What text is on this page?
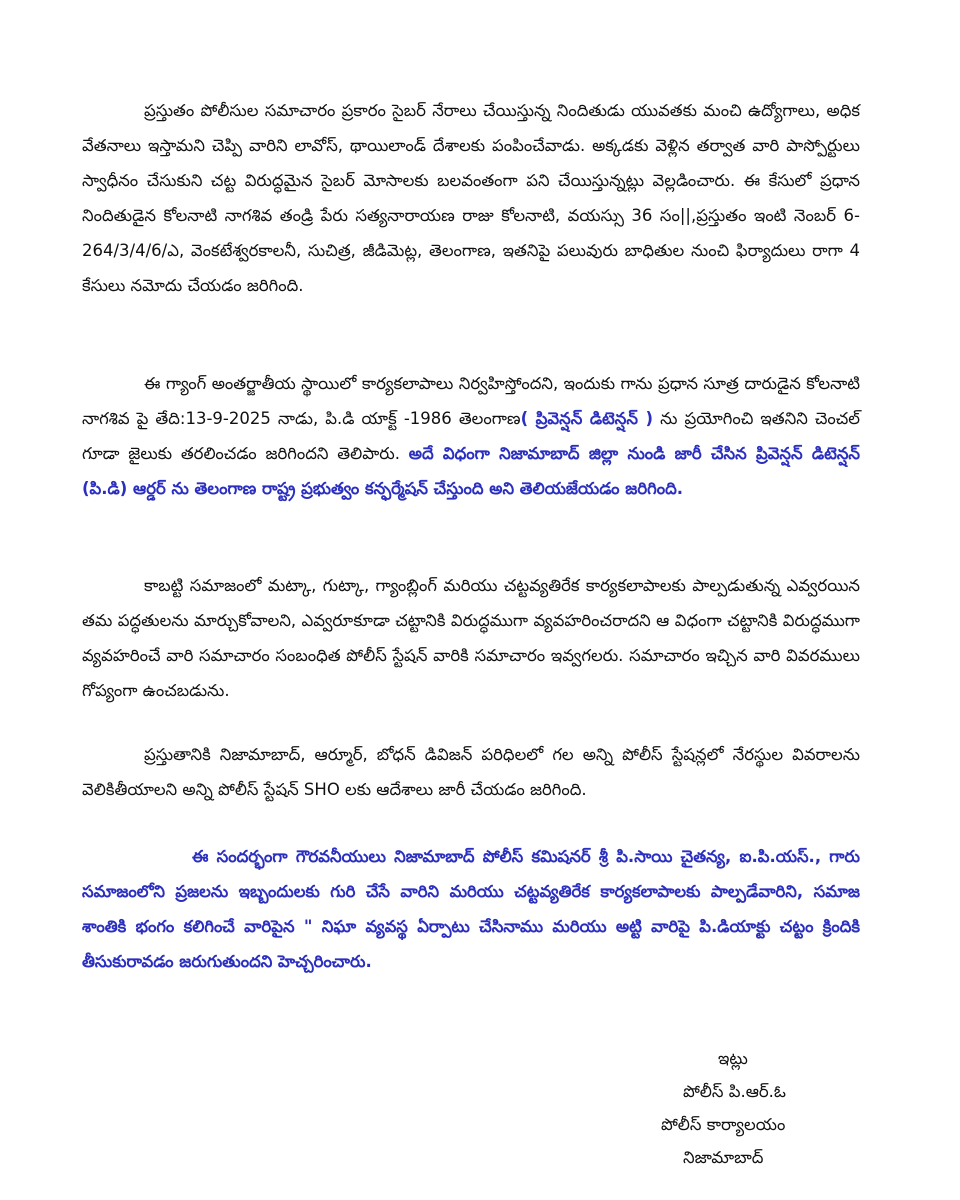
ప్రస్తుతం పోలీసుల సమాచారం ప్రకారం సైబర్ నేరాలు చేయిస్తున్న నిందితుడు యువతకు మంచి ఉద్యోగాలు, అధిక వేతనాలు ఇస్తామని చెప్పి వారిని లావోస్, థాయిలాండ్ దేశాలకు పంపించేవాడు. అక్కడకు వెళ్లిన తర్వాత వారి పాస్పోర్టులు స్వాధీనం చేసుకుని చట్ట విరుద్ధమైన సైబర్ మోసాలకు బలవంతంగా పని చేయిస్తున్నట్లు వెల్లడించారు. ఈ కేసులో ప్రధాన నిందితుడైన కోలనాటి నాగశివ తండ్రి పేరు సత్యనారాయణ రాజు కోలనాటి, వయస్సు 36 సం||,ప్రస్తుతం ఇంటి నెంబర్ 6-264/3/4/6/ఎ, వెంకటేశ్వరకాలనీ, సుచిత్ర, జీడిమెట్ల, తెలంగాణ, ఇతనిపై పలువురు బాధితుల నుంచి ఫిర్యాదులు రాగా 4 కేసులు నమోదు చేయడం జరిగింది.

ఈ గ్యాంగ్ అంతర్జాతీయ స్థాయిలో కార్యకలాపాలు నిర్వహిస్తోందని, ఇందుకు గాను ప్రధాన సూత్ర దారుడైన కోలనాటి నాగశివ పై తేది:13-9-2025 నాడు, పి.డి యాక్ట్ -1986 తెలంగాణ( ప్రివెన్షన్ డిటెన్షన్ ) ను ప్రయోగించి ఇతనిని చెంచల్ గూడా జైలుకు తరలించడం జరిగిందని తెలిపారు. అదే విధంగా నిజామాబాద్ జిల్లా నుండి జారీ చేసిన ప్రివెన్షన్ డిటెన్షన్ (పి.డి) ఆర్డర్ ను తెలంగాణ రాష్ట్ర ప్రభుత్వం కన్ఫర్మేషన్ చేస్తుంది అని తెలియజేయడం జరిగింది.

కాబట్టి సమాజంలో మట్కా, గుట్కా, గ్యాంబ్లింగ్ మరియు చట్టవ్యతిరేక కార్యకలాపాలకు పాల్పడుతున్న ఎవ్వరయిన తమ పద్ధతులను మార్చుకోవాలని, ఎవ్వరూకూడా చట్టానికి విరుద్ధముగా వ్యవహరించరాదని ఆ విధంగా చట్టానికి విరుద్ధముగా వ్యవహరించే వారి సమాచారం సంబంధిత పోలీస్ స్టేషన్ వారికి సమాచారం ఇవ్వగలరు. సమాచారం ఇచ్చిన వారి వివరములు గోప్యంగా ఉంచబడును.

ప్రస్తుతానికి నిజామాబాద్, ఆర్మూర్, బోధన్ డివిజన్ పరిధిలలో గల అన్ని పోలీస్ స్టేషన్లలో నేరస్థుల వివరాలను వెలికితీయాలని అన్ని పోలీస్ స్టేషన్ SHO లకు ఆదేశాలు జారీ చేయడం జరిగింది.

ఈ సందర్భంగా గౌరవనీయులు నిజామాబాద్ పోలీస్ కమిషనర్ శ్రీ పి.సాయి చైతన్య, ఐ.పి.యస్., గారు సమాజంలోని ప్రజలను ఇబ్బందులకు గురి చేసే వారిని మరియు చట్టవ్యతిరేక కార్యకలాపాలకు పాల్పడేవారిని, సమాజ శాంతికి భంగం కలిగించే వారిపైన " నిఘా వ్యవస్థ ఏర్పాటు చేసినాము మరియు అట్టి వారిపై పి.డియాక్టు చట్టం క్రిందికి తీసుకురావడం జరుగుతుందని హెచ్చరించారు.

ఇట్లు
పోలీస్ పి.ఆర్.ఓ
పోలీస్ కార్యాలయం
నిజామాబాద్
